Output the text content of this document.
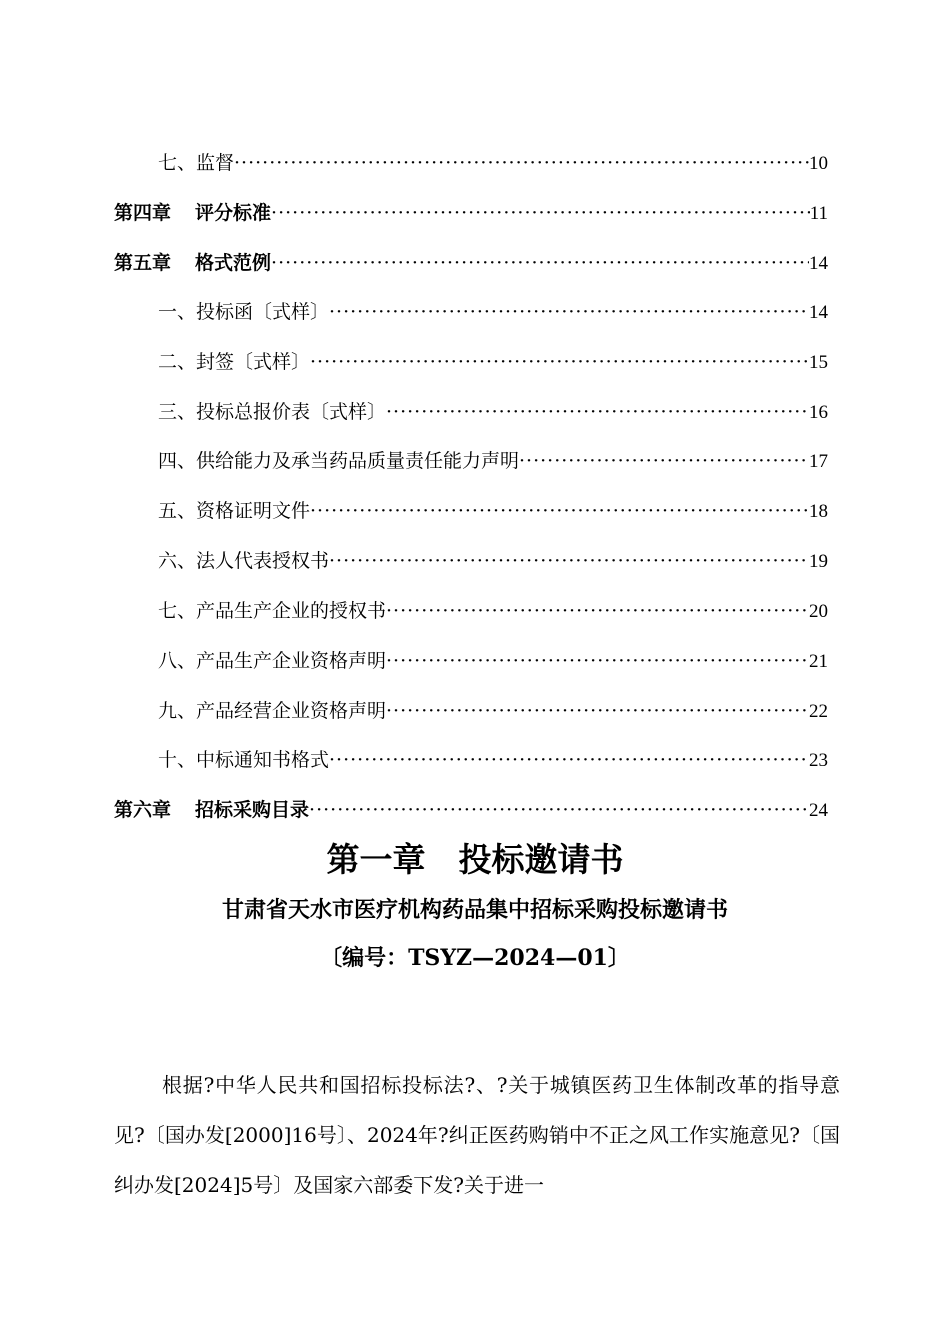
七、监督 ·····	10
第四章 评分标准 ·····	11
第五章 格式范例 ·····	14
一、投标函〔式样〕 ·····	14
二、封签〔式样〕 ·····	15
三、投标总报价表〔式样〕 ·····	16
四、供给能力及承当药品质量责任能力声明 ·····	17
五、资格证明文件 ·····	18
六、法人代表授权书 ·····	19
七、产品生产企业的授权书 ·····	20
八、产品生产企业资格声明 ·····	21
九、产品经营企业资格声明 ·····	22
十、中标通知书格式 ·····	23
第六章 招标采购目录 ·····	24
第一章　投标邀请书
甘肃省天水市医疗机构药品集中招标采购投标邀请书
〔编号：TSYZ—2024—01〕

根据?中华人民共和国招标投标法?、?关于城镇医药卫生体制改革的指导意见?〔国办发[2000]16号〕、2024年?纠正医药购销中不正之风工作实施意见?〔国纠办发[2024]5号〕及国家六部委下发?关于进一
